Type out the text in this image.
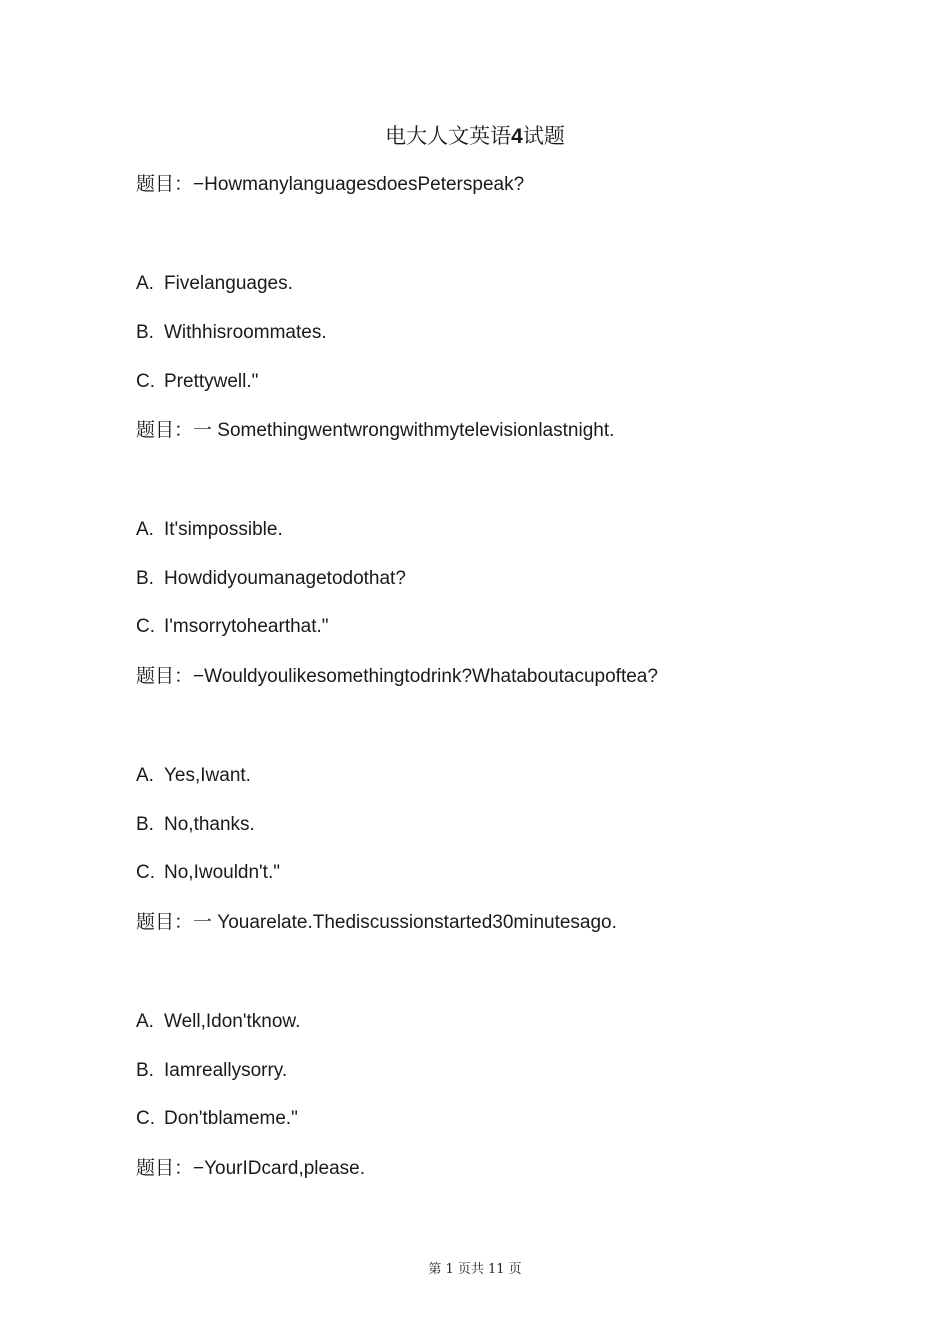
电大人文英语4试题
题目：−HowmanylanguagesdoesPeterspeak?
A. Fivelanguages.
B. Withhisroommates.
C. Prettywell."
题目：一 Somethingwentwrongwithmytelevisionlastnight.
A. It'simpossible.
B. Howdidyoumanagetodothat?
C. I'msorrytohearthat."
题目：−Wouldyoulikesomethingtodrink?Whataboutacupoftea?
A. Yes,Iwant.
B. No,thanks.
C. No,Iwouldn't."
题目：一 Youarelate.Thediscussionstarted30minutesago.
A. Well,Idon'tknow.
B. Iamreallysorry.
C. Don'tblameme."
题目：−YourIDcard,please.
第 1 页共 11 页
